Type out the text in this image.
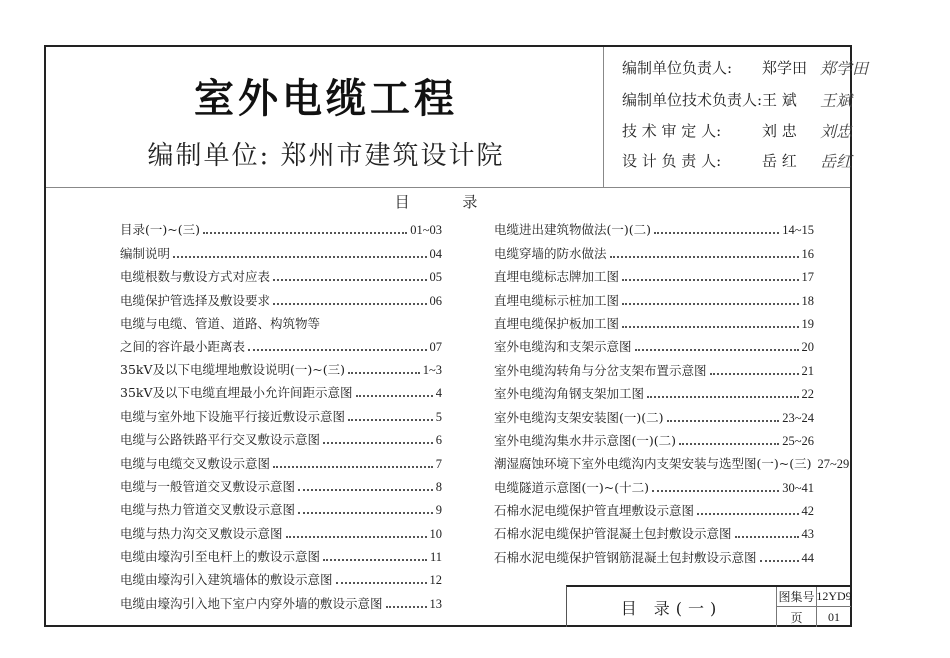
室外电缆工程
编制单位: 郑州市建筑设计院
编制单位负责人:	郑学田 郑学田
编制单位技术负责人: 王 斌	王斌
技 术 审 定 人:	刘 忠	刘忠
设 计 负 责 人:	岳 红	岳红
目 录
目录(一)~(三)	01~03
编制说明	04
电缆根数与敷设方式对应表	05
电缆保护管选择及敷设要求	06
电缆与电缆、管道、道路、构筑物等
之间的容许最小距离表	07
35kV及以下电缆埋地敷设说明(一)~(三)	1~3
35kV及以下电缆直埋最小允许间距示意图	4
电缆与室外地下设施平行接近敷设示意图	5
电缆与公路铁路平行交叉敷设示意图	6
电缆与电缆交叉敷设示意图	7
电缆与一般管道交叉敷设示意图	8
电缆与热力管道交叉敷设示意图	9
电缆与热力沟交叉敷设示意图	10
电缆由壕沟引至电杆上的敷设示意图	11
电缆由壕沟引入建筑墙体的敷设示意图	12
电缆由壕沟引入地下室户内穿外墙的敷设示意图	13
电缆进出建筑物做法(一)(二)	14~15
电缆穿墙的防水做法	16
直埋电缆标志牌加工图	17
直埋电缆标示桩加工图	18
直埋电缆保护板加工图	19
室外电缆沟和支架示意图	20
室外电缆沟转角与分岔支架布置示意图	21
室外电缆沟角钢支架加工图	22
室外电缆沟支架安装图(一)(二)	23~24
室外电缆沟集水井示意图(一)(二)	25~26
潮湿腐蚀环境下室外电缆沟内支架安装与选型图(一)~(三) 27~29
电缆隧道示意图(一)~(十二)	30~41
石棉水泥电缆保护管直埋敷设示意图	42
石棉水泥电缆保护管混凝土包封敷设示意图	43
石棉水泥电缆保护管钢筋混凝土包封敷设示意图	44
目 录(一)
图集号 12YD9
页	01
